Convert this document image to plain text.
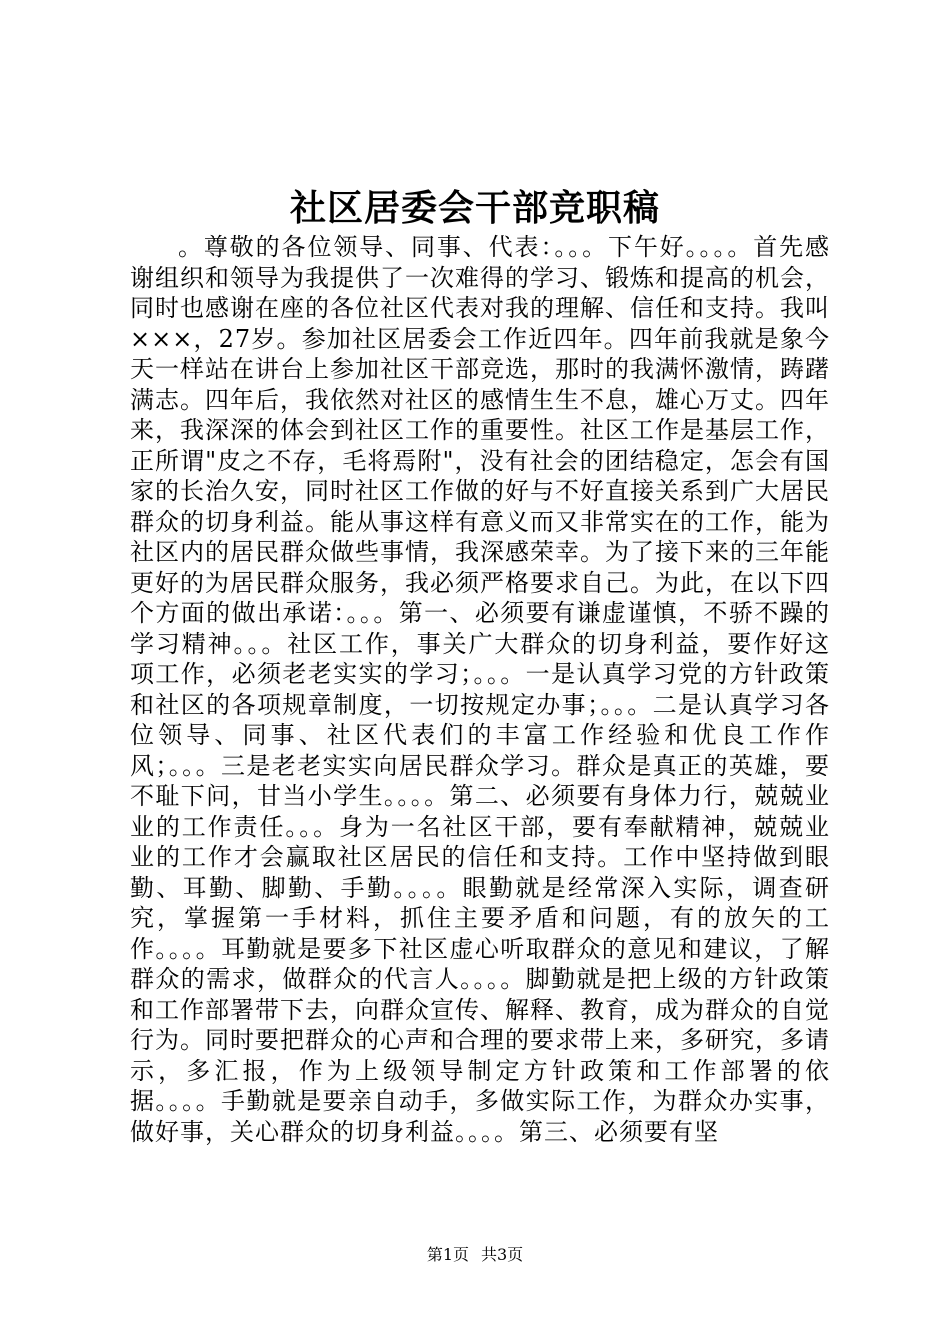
社区居委会干部竞职稿

。尊敬的各位领导、同事、代表：。。。下午好。。。。首先感谢组织和领导为我提供了一次难得的学习、锻炼和提高的机会，同时也感谢在座的各位社区代表对我的理解、信任和支持。我叫×××，27岁。参加社区居委会工作近四年。四年前我就是象今天一样站在讲台上参加社区干部竞选，那时的我满怀激情，踌躇满志。四年后，我依然对社区的感情生生不息，雄心万丈。四年来，我深深的体会到社区工作的重要性。社区工作是基层工作，正所谓"皮之不存，毛将焉附"，没有社会的团结稳定，怎会有国家的长治久安，同时社区工作做的好与不好直接关系到广大居民群众的切身利益。能从事这样有意义而又非常实在的工作，能为社区内的居民群众做些事情，我深感荣幸。为了接下来的三年能更好的为居民群众服务，我必须严格要求自己。为此，在以下四个方面的做出承诺：。。。第一、必须要有谦虚谨慎，不骄不躁的学习精神。。。社区工作，事关广大群众的切身利益，要作好这项工作，必须老老实实的学习；。。。一是认真学习党的方针政策和社区的各项规章制度，一切按规定办事；。。。二是认真学习各位领导、同事、社区代表们的丰富工作经验和优良工作作风；。。。三是老老实实向居民群众学习。群众是真正的英雄，要不耻下问，甘当小学生。。。。第二、必须要有身体力行，兢兢业业的工作责任。。。身为一名社区干部，要有奉献精神，兢兢业业的工作才会赢取社区居民的信任和支持。工作中坚持做到眼勤、耳勤、脚勤、手勤。。。。眼勤就是经常深入实际，调查研究，掌握第一手材料，抓住主要矛盾和问题，有的放矢的工作。。。。耳勤就是要多下社区虚心听取群众的意见和建议，了解群众的需求，做群众的代言人。。。。脚勤就是把上级的方针政策和工作部署带下去，向群众宣传、解释、教育，成为群众的自觉行为。同时要把群众的心声和合理的要求带上来，多研究，多请示，多汇报，作为上级领导制定方针政策和工作部署的依据。。。。手勤就是要亲自动手，多做实际工作，为群众办实事，做好事，关心群众的切身利益。。。。第三、必须要有坚

第1页 共3页
